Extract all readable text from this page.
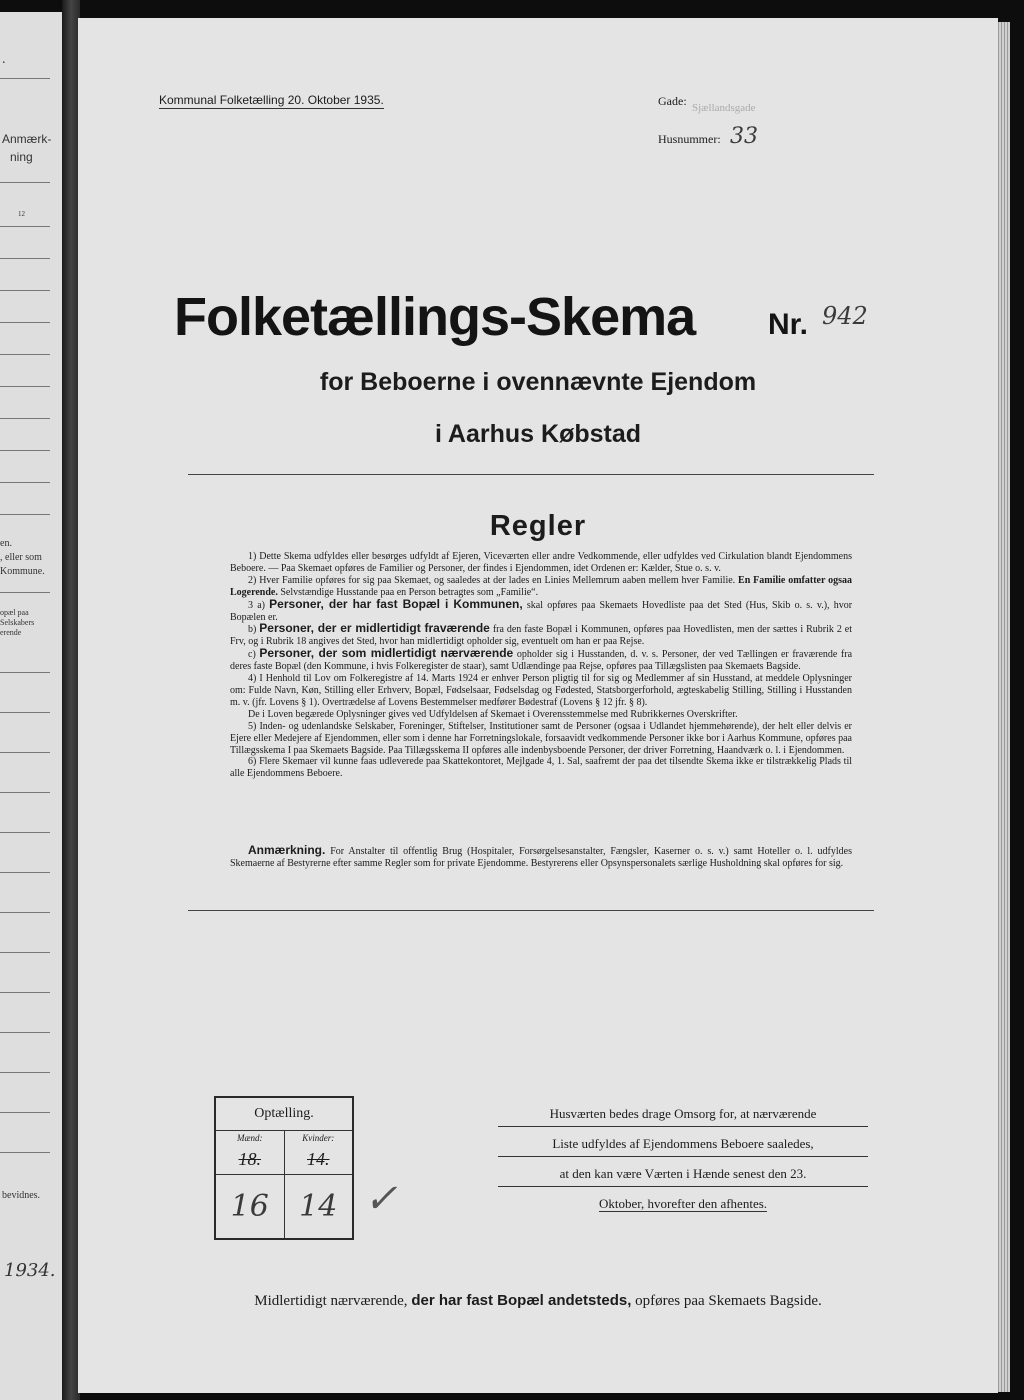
.
Anmærk-
ning
12
en.
, eller som
Kommune.
opæl paa
Selskabers
erende
bevidnes.
1934.
Kommunal Folketælling 20. Oktober 1935.	Gade: Sjællandsgade
Husnummer: 33
Folketællings-Skema Nr. 942
for Beboerne i ovennævnte Ejendom
i Aarhus Købstad
Regler

1) Dette Skema udfyldes eller besørges udfyldt af Ejeren, Viceværten eller andre Vedkommende, eller udfyldes ved Cirkulation blandt Ejendommens Beboere. — Paa Skemaet opføres de Familier og Personer, der findes i Ejendommen, idet Ordenen er: Kælder, Stue o. s. v.

2) Hver Familie opføres for sig paa Skemaet, og saaledes at der lades en Linies Mellemrum aaben mellem hver Familie. En Familie omfatter ogsaa Logerende. Selvstændige Husstande paa en Person betragtes som „Familie“.

3 a) Personer, der har fast Bopæl i Kommunen, skal opføres paa Skemaets Hovedliste paa det Sted (Hus, Skib o. s. v.), hvor Bopælen er.

b) Personer, der er midlertidigt fraværende fra den faste Bopæl i Kommunen, opføres paa Hovedlisten, men der sættes i Rubrik 2 et Frv, og i Rubrik 18 angives det Sted, hvor han midlertidigt opholder sig, eventuelt om han er paa Rejse.

c) Personer, der som midlertidigt nærværende opholder sig i Husstanden, d. v. s. Personer, der ved Tællingen er fraværende fra deres faste Bopæl (den Kommune, i hvis Folkeregister de staar), samt Udlændinge paa Rejse, opføres paa Tillægslisten paa Skemaets Bagside.

4) I Henhold til Lov om Folkeregistre af 14. Marts 1924 er enhver Person pligtig til for sig og Medlemmer af sin Husstand, at meddele Oplysninger om: Fulde Navn, Køn, Stilling eller Erhverv, Bopæl, Fødselsaar, Fødselsdag og Fødested, Statsborgerforhold, ægteskabelig Stilling, Stilling i Husstanden m. v. (jfr. Lovens § 1). Overtrædelse af Lovens Bestemmelser medfører Bødestraf (Lovens § 12 jfr. § 8).

De i Loven begærede Oplysninger gives ved Udfyldelsen af Skemaet i Overensstemmelse med Rubrikkernes Overskrifter.

5) Inden- og udenlandske Selskaber, Foreninger, Stiftelser, Institutioner samt de Personer (ogsaa i Udlandet hjemmehørende), der helt eller delvis er Ejere eller Medejere af Ejendommen, eller som i denne har Forretningslokale, forsaavidt vedkommende Personer ikke bor i Aarhus Kommune, opføres paa Tillægsskema I paa Skemaets Bagside. Paa Tillægsskema II opføres alle indenbysboende Personer, der driver Forretning, Haandværk o. l. i Ejendommen.

6) Flere Skemaer vil kunne faas udleverede paa Skattekontoret, Mejlgade 4, 1. Sal, saafremt der paa det tilsendte Skema ikke er tilstrækkelig Plads til alle Ejendommens Beboere.

Anmærkning. For Anstalter til offentlig Brug (Hospitaler, Forsørgelsesanstalter, Fængsler, Kaserner o. s. v.) samt Hoteller o. l. udfyldes Skemaerne af Bestyrerne efter samme Regler som for private Ejendomme. Bestyrerens eller Opsynspersonalets særlige Husholdning skal opføres for sig.
Optælling.	
Mænd:	Kvinder:
18.	14.
16	14 ✓
Husværten bedes drage Omsorg for, at nærværende
Liste udfyldes af Ejendommens Beboere saaledes,
at den kan være Værten i Hænde senest den 23.
Oktober, hvorefter den afhentes.
Midlertidigt nærværende, der har fast Bopæl andetsteds, opføres paa Skemaets Bagside.
